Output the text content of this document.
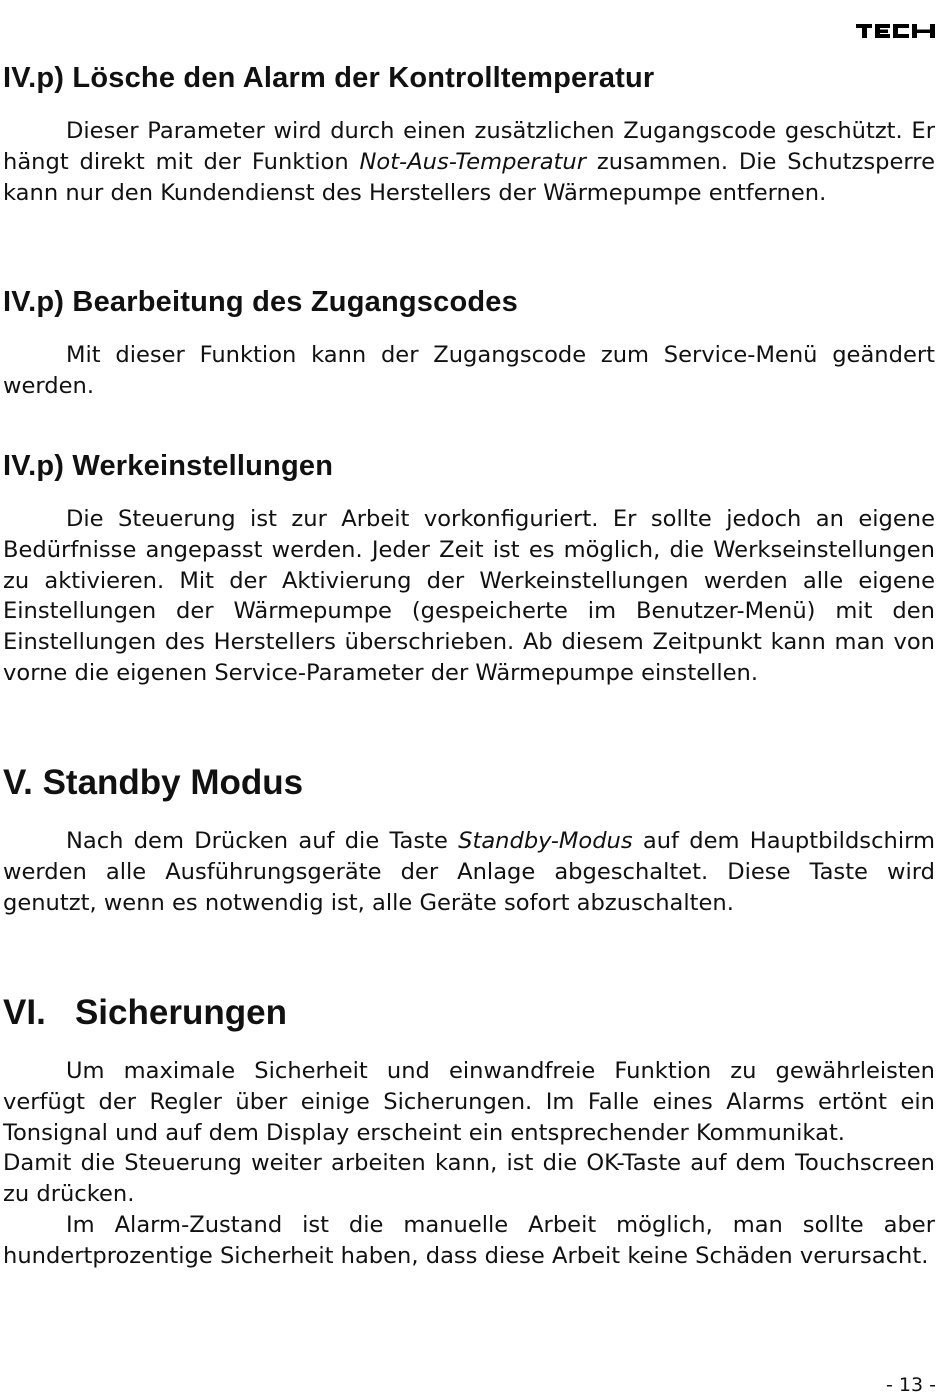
IV.p) Lösche den Alarm der Kontrolltemperatur

Dieser Parameter wird durch einen zusätzlichen Zugangscode geschützt. Er hängt direkt mit der Funktion Not-Aus-Temperatur zusammen. Die Schutzsperre kann nur den Kundendienst des Herstellers der Wärmepumpe entfernen.

IV.p) Bearbeitung des Zugangscodes

Mit dieser Funktion kann der Zugangscode zum Service-Menü geändert werden.

IV.p) Werkeinstellungen

Die Steuerung ist zur Arbeit vorkonfiguriert. Er sollte jedoch an eigene Bedürfnisse angepasst werden. Jeder Zeit ist es möglich, die Werkseinstellungen zu aktivieren. Mit der Aktivierung der Werkeinstellungen werden alle eigene Einstellungen der Wärmepumpe (gespeicherte im Benutzer-Menü) mit den Einstellungen des Herstellers überschrieben. Ab diesem Zeitpunkt kann man von vorne die eigenen Service-Parameter der Wärmepumpe einstellen.

V. Standby Modus

Nach dem Drücken auf die Taste Standby-Modus auf dem Hauptbildschirm werden alle Ausführungsgeräte der Anlage abgeschaltet. Diese Taste wird genutzt, wenn es notwendig ist, alle Geräte sofort abzuschalten.

VI.   Sicherungen
Um maximale Sicherheit und einwandfreie Funktion zu gewährleisten verfügt der Regler über einige Sicherungen. Im Falle eines Alarms ertönt ein Tonsignal und auf dem Display erscheint ein entsprechender Kommunikat.
Damit die Steuerung weiter arbeiten kann, ist die OK-Taste auf dem Touchscreen zu drücken.
Im Alarm-Zustand ist die manuelle Arbeit möglich, man sollte aber hundertprozentige Sicherheit haben, dass diese Arbeit keine Schäden verursacht.
- 13 -
